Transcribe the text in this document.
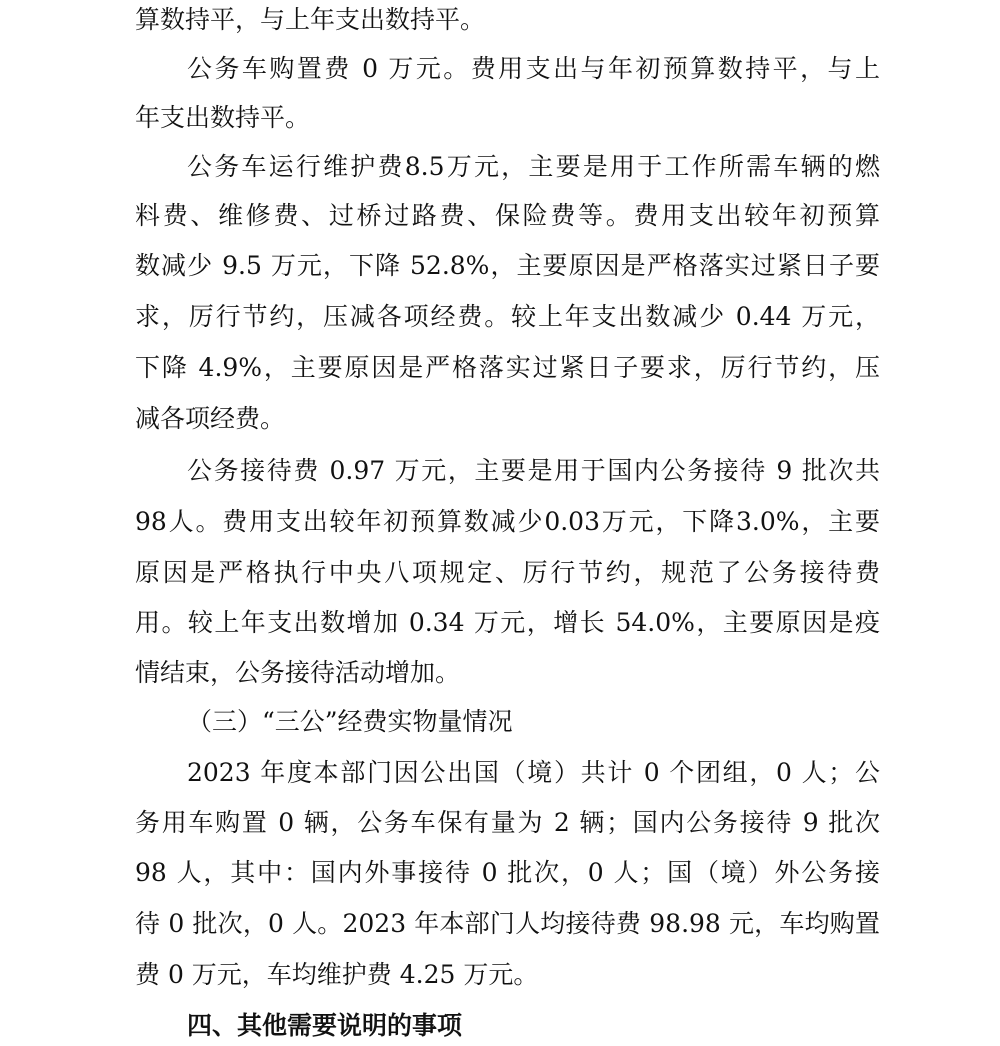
算数持平，与上年支出数持平。
公务车购置费 0 万元。费用支出与年初预算数持平，与上
年支出数持平。
公务车运行维护费8.5万元，主要是用于工作所需车辆的燃
料费、维修费、过桥过路费、保险费等。费用支出较年初预算
数减少 9.5 万元，下降 52.8%，主要原因是严格落实过紧日子要
求，厉行节约，压减各项经费。较上年支出数减少 0.44 万元，
下降 4.9%，主要原因是严格落实过紧日子要求，厉行节约，压
减各项经费。
公务接待费 0.97 万元，主要是用于国内公务接待 9 批次共
98人。费用支出较年初预算数减少0.03万元，下降3.0%，主要
原因是严格执行中央八项规定、厉行节约，规范了公务接待费
用。较上年支出数增加 0.34 万元，增长 54.0%，主要原因是疫
情结束，公务接待活动增加。
（三）“三公”经费实物量情况
2023 年度本部门因公出国（境）共计 0 个团组，0 人；公
务用车购置 0 辆，公务车保有量为 2 辆；国内公务接待 9 批次
98 人，其中：国内外事接待 0 批次，0 人；国（境）外公务接
待 0 批次，0 人。2023 年本部门人均接待费 98.98 元，车均购置
费 0 万元，车均维护费 4.25 万元。
四、其他需要说明的事项
